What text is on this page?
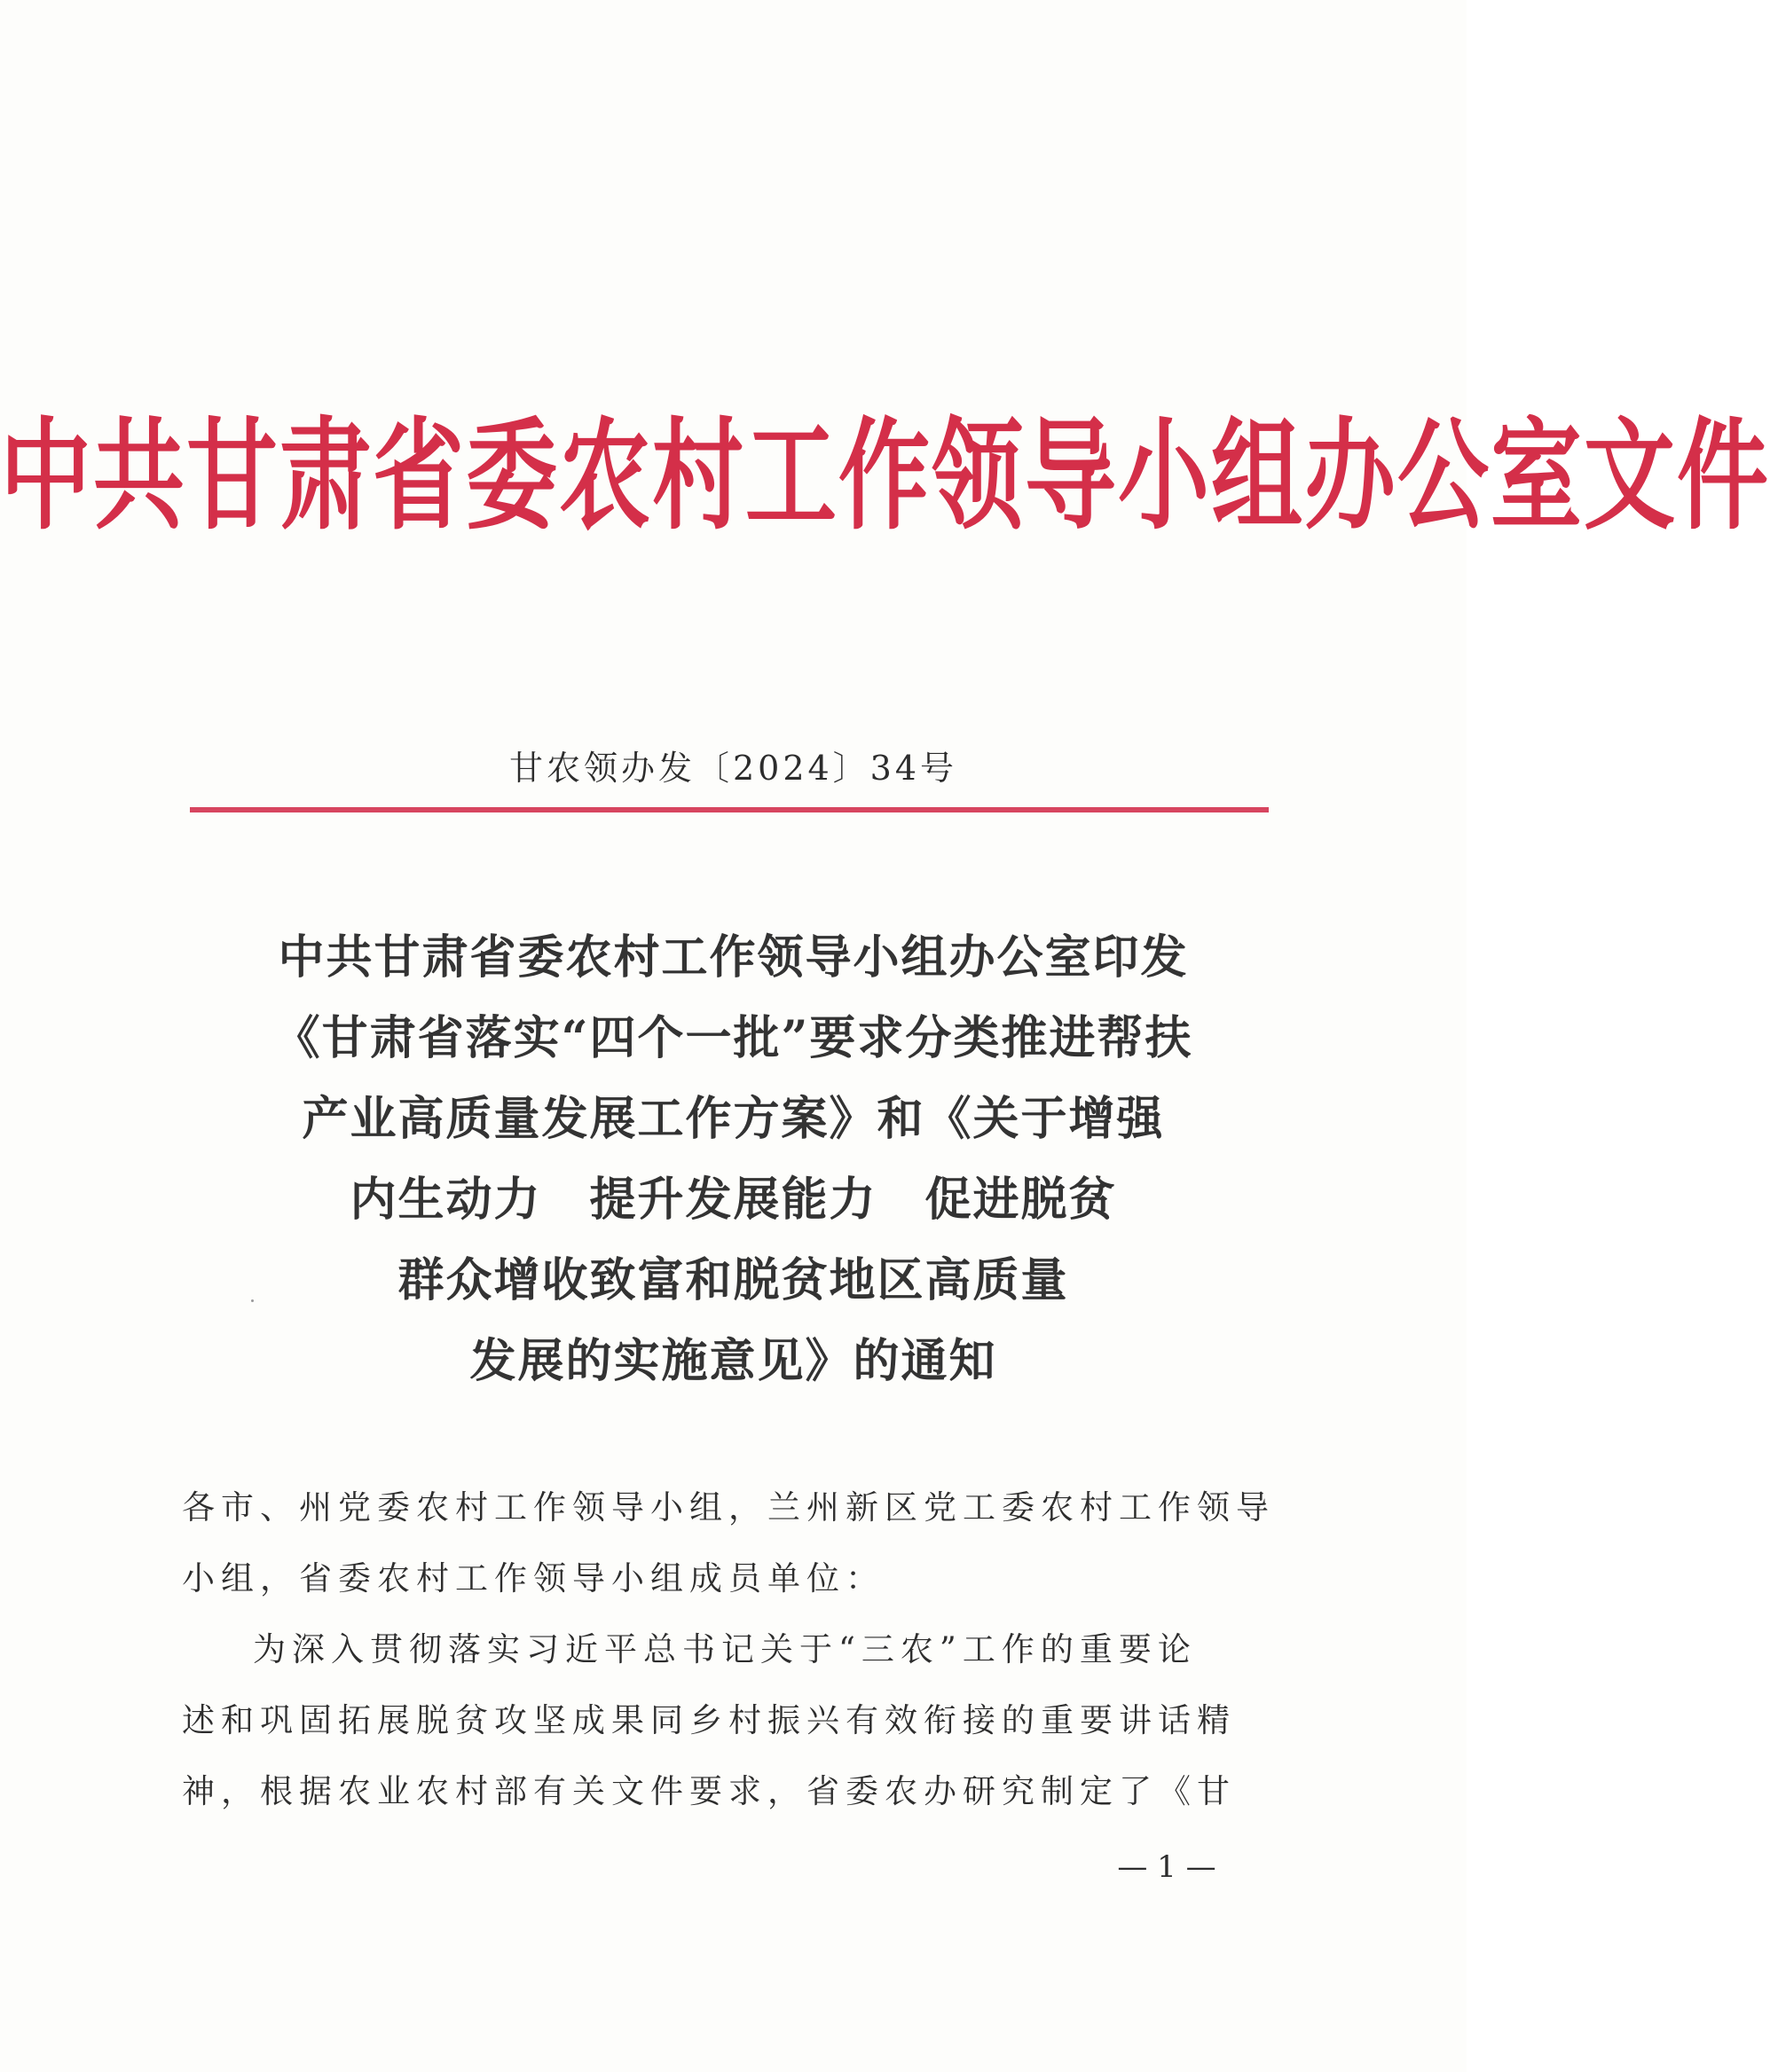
中共甘肃省委农村工作领导小组办公室文件
甘农领办发〔2024〕34号
中共甘肃省委农村工作领导小组办公室印发
《甘肃省落实“四个一批”要求分类推进帮扶
产业高质量发展工作方案》和《关于增强
内生动力　提升发展能力　促进脱贫
群众增收致富和脱贫地区高质量
发展的实施意见》的通知
各市、州党委农村工作领导小组，兰州新区党工委农村工作领导
小组，省委农村工作领导小组成员单位：
为深入贯彻落实习近平总书记关于“三农”工作的重要论
述和巩固拓展脱贫攻坚成果同乡村振兴有效衔接的重要讲话精
神，根据农业农村部有关文件要求，省委农办研究制定了《甘
— 1 —
